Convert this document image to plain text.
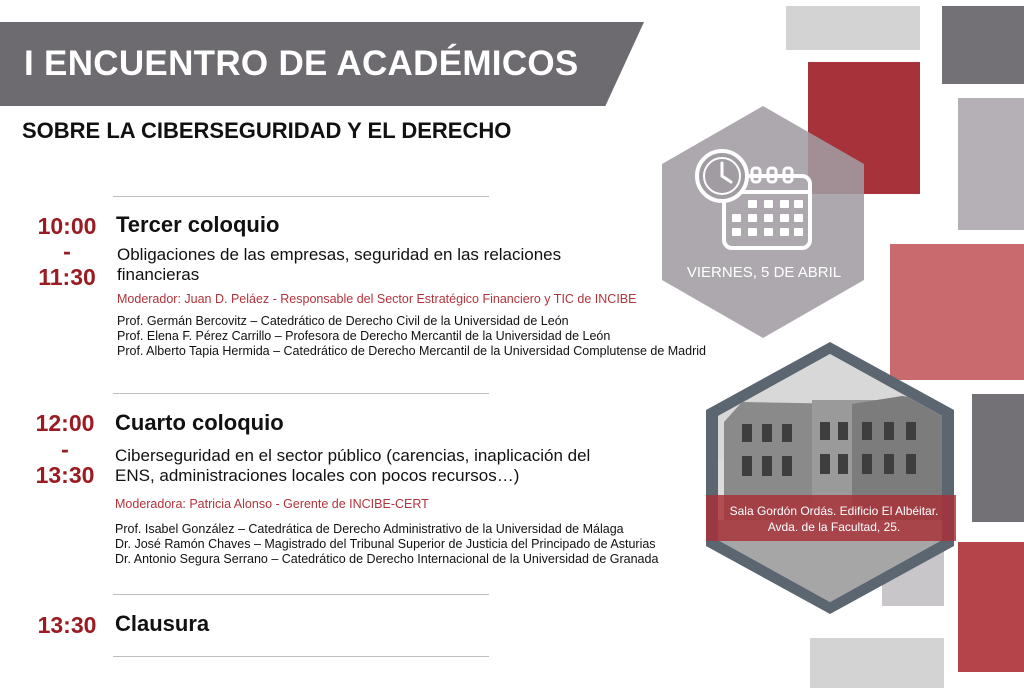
VIERNES, 5 DE ABRIL
Sala Gordón Ordás. Edificio El Albéitar.
Avda. de la Facultad, 25.
I ENCUENTRO DE ACADÉMICOS
SOBRE LA CIBERSEGURIDAD Y EL DERECHO
10:00
-
11:30
Tercer coloquio
Obligaciones de las empresas, seguridad en las relaciones financieras
Moderador: Juan D. Peláez - Responsable del Sector Estratégico Financiero y TIC de INCIBE
Prof. Germán Bercovitz – Catedrático de Derecho Civil de la Universidad de León
Prof. Elena F. Pérez Carrillo – Profesora de Derecho Mercantil de la Universidad de León
Prof. Alberto Tapia Hermida – Catedrático de Derecho Mercantil de la Universidad Complutense de Madrid
12:00
-
13:30
Cuarto coloquio
Ciberseguridad en el sector público (carencias, inaplicación del ENS, administraciones locales con pocos recursos…)
Moderadora: Patricia Alonso - Gerente de INCIBE-CERT
Prof. Isabel González – Catedrática de Derecho Administrativo de la Universidad de Málaga
Dr. José Ramón Chaves – Magistrado del Tribunal Superior de Justicia del Principado de Asturias
Dr. Antonio Segura Serrano – Catedrático de Derecho Internacional de la Universidad de Granada
13:30 Clausura
